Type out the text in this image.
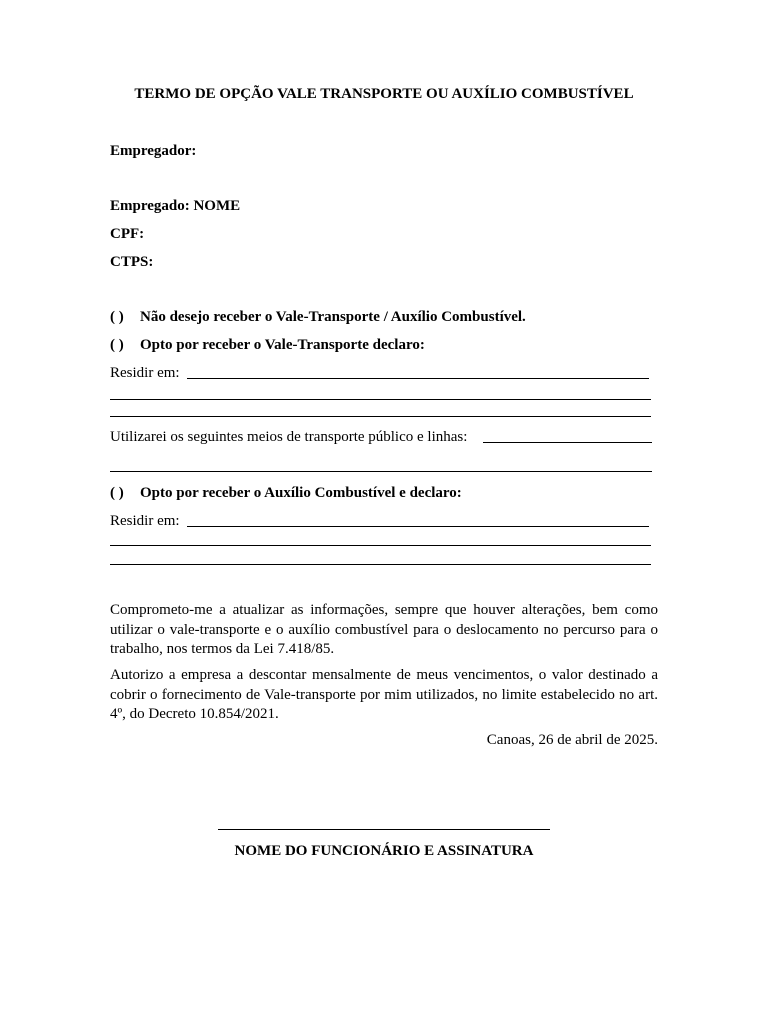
TERMO DE OPÇÃO VALE TRANSPORTE OU AUXÍLIO COMBUSTÍVEL
Empregador:
Empregado: NOME
CPF:
CTPS:
( ) Não desejo receber o Vale-Transporte / Auxílio Combustível.
( ) Opto por receber o Vale-Transporte declaro:
Residir em:
Utilizarei os seguintes meios de transporte público e linhas:
( ) Opto por receber o Auxílio Combustível e declaro:
Residir em:
Comprometo-me a atualizar as informações, sempre que houver alterações, bem como utilizar o vale-transporte e o auxílio combustível para o deslocamento no percurso para o trabalho, nos termos da Lei 7.418/85.
Autorizo a empresa a descontar mensalmente de meus vencimentos, o valor destinado a cobrir o fornecimento de Vale-transporte por mim utilizados, no limite estabelecido no art. 4º, do Decreto 10.854/2021.
Canoas, 26 de abril de 2025.
NOME DO FUNCIONÁRIO E ASSINATURA
